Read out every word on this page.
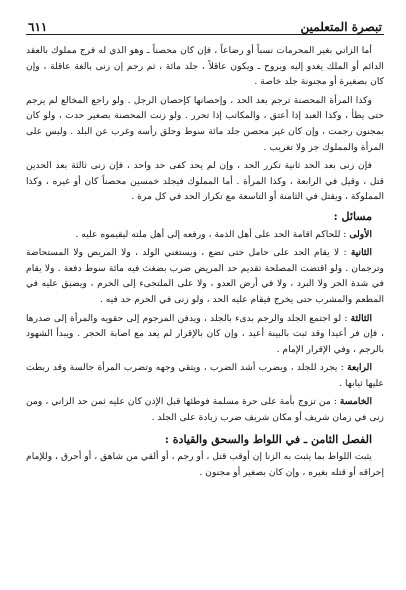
تبصرة المتعلمين
٦١١

أما الزاني بغير المحرمات نسباً أو رضاعاً ، فإن كان محصناً ـ وهو الذي له فرج مملوك بالعقد الدائم أو الملك يغدو إليه ويروح ـ ويكون عاقلاً ، جلد مائة ، ثم رجم إن زنى بالغة عاقلة ، وإن كان بصغيرة أو مجنونة جلد خاصة .

وكذا المرأة المحصنة ترجم بعد الحد ، وإحصانها كإحصان الرجل . ولو راجع المخالع لم يرجم حتى يطأ ، وكذا العبد إذا أعتق ، والمكاتب إذا تحرر . ولو زنت المحصنة بصغير حدت ، ولو كان بمجنون رجمت ، وإن كان غير محصن جلد مائة سوط وحلق رأسه وغرب عن البلد . وليس على المرأة والمملوك جز ولا تغريب .

فإن زنى بعد الحد ثانية تكرر الحد ، وإن لم يحد كفى حد واحد ، فإن زنى ثالثة بعد الحدين قتل ، وقيل في الرابعة ، وكذا المرأة . أما المملوك فيجلد خمسين محصناً كان أو غيره ، وكذا المملوكة ، ويقتل في الثامنة أو التاسعة مع تكرار الحد في كل مرة .

مسائل :

الأولى : للحاكم اقامة الحد على أهل الذمة ، ورفعه إلى أهل ملته ليقيموه عليه .

الثانية : لا يقام الحد على حامل حتى تضع ، ويستغني الولد ، ولا المريض ولا المستحاضة وترجمان . ولو اقتضت المصلحة تقديم حد المريض ضرب بضغث فيه مائة سوط دفعة . ولا يقام في شدة الحر ولا البرد ، ولا في أرض العدو ، ولا على الملتجىء إلى الحرم ، ويضيق عليه في المطعم والمشرب حتى يخرج فيقام عليه الحد ، ولو زنى في الحرم حد فيه .

الثالثة : لو اجتمع الجلد والرجم بدىء بالجلد ، ويدفن المرجوم إلى حقويه والمرأة إلى صدرها ، فإن فر أعيدا وقد ثبت بالبينة أعيد ، وإن كان بالإقرار لم يعد مع اصابة الحجر . ويبدأ الشهود بالرجم ، وفي الإقرار الإمام .

الرابعة : يجرد للجلد ، ويضرب أشد الضرب ، ويتقي وجهه وتضرب المرأة جالسة وقد ربطت عليها ثيابها .

الخامسة : من تزوج بأمة على حرة مسلمة فوطئها قبل الإذن كان عليه ثمن حد الزاني ، ومن زنى في زمان شريف أو مكان شريف ضرب زيادة على الجلد .

الفصل الثامن ـ في اللواط والسحق والقيادة :

يثبت اللواط بما يثبت به الزنا إن أوقب قتل ، أو رجم ، أو ألقي من شاهق ، أو أحرق ، وللإمام إحراقه أو قتله بغيره ، وإن كان بصغير أو مجنون .
